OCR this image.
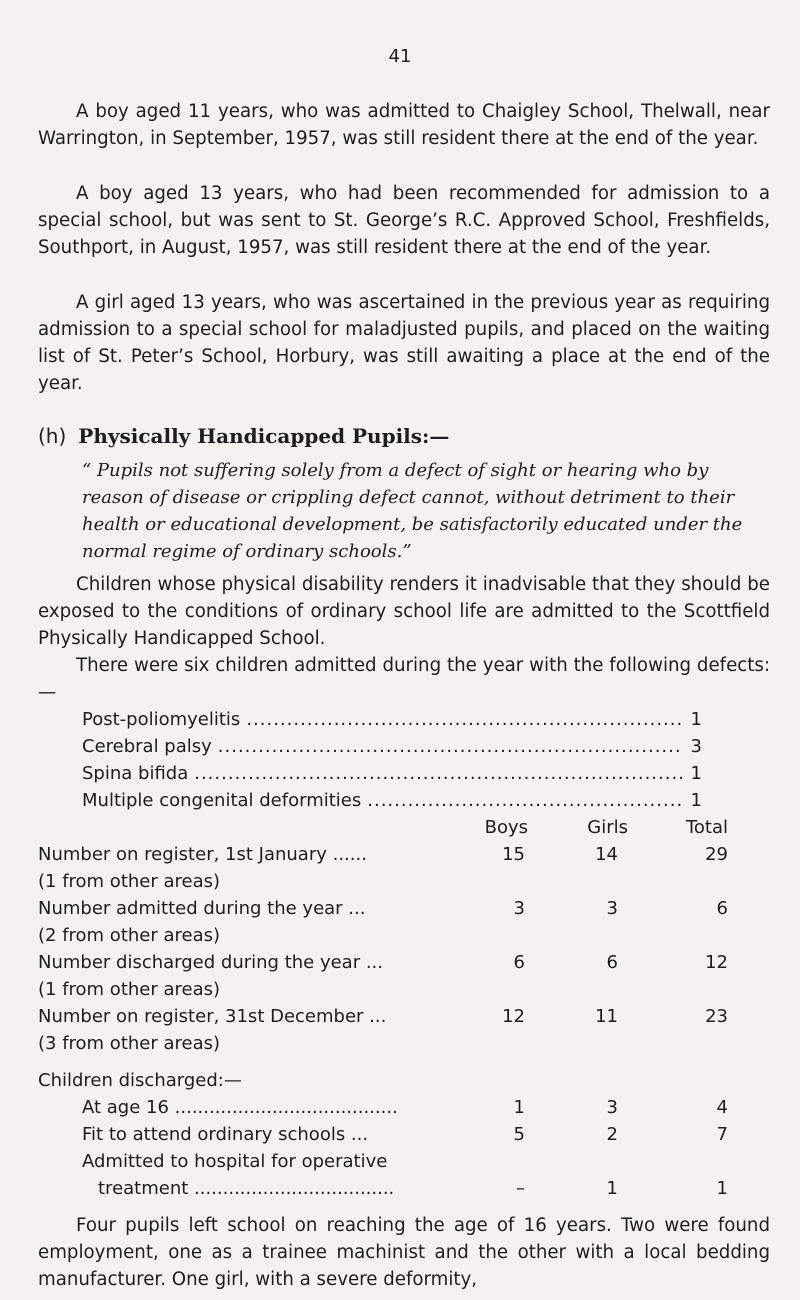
41

A boy aged 11 years, who was admitted to Chaigley School, Thelwall, near Warrington, in September, 1957, was still resident there at the end of the year.

A boy aged 13 years, who had been recommended for admission to a special school, but was sent to St. George’s R.C. Approved School, Freshfields, Southport, in August, 1957, was still resident there at the end of the year.

A girl aged 13 years, who was ascertained in the previous year as requiring admission to a special school for maladjusted pupils, and placed on the waiting list of St. Peter’s School, Horbury, was still awaiting a place at the end of the year.

(h) Physically Handicapped Pupils:—

“ Pupils not suffering solely from a defect of sight or hearing who by reason of disease or crippling defect cannot, without detriment to their health or educational development, be satisfactorily educated under the normal regime of ordinary schools.”

Children whose physical disability renders it inadvisable that they should be exposed to the conditions of ordinary school life are admitted to the Scottfield Physically Handicapped School.

There were six children admitted during the year with the following defects:—

Post-poliomyelitis .....	1
Cerebral palsy .....	3
Spina bifida .....	1
Multiple congenital deformities .....	1
Boys	Girls	Total
Number on register, 1st January ......	15	14	29
(1 from other areas)
Number admitted during the year ...	3	3	6
(2 from other areas)
Number discharged during the year ...	6	6	12
(1 from other areas)
Number on register, 31st December ...	12	11	23
(3 from other areas)
Children discharged:—
At age 16 .......................................	1	3	4
Fit to attend ordinary schools ...	5	2	7
Admitted to hospital for operative
treatment ...................................	–	1	1

Four pupils left school on reaching the age of 16 years. Two were found employment, one as a trainee machinist and the other with a local bedding manufacturer. One girl, with a severe deformity,
